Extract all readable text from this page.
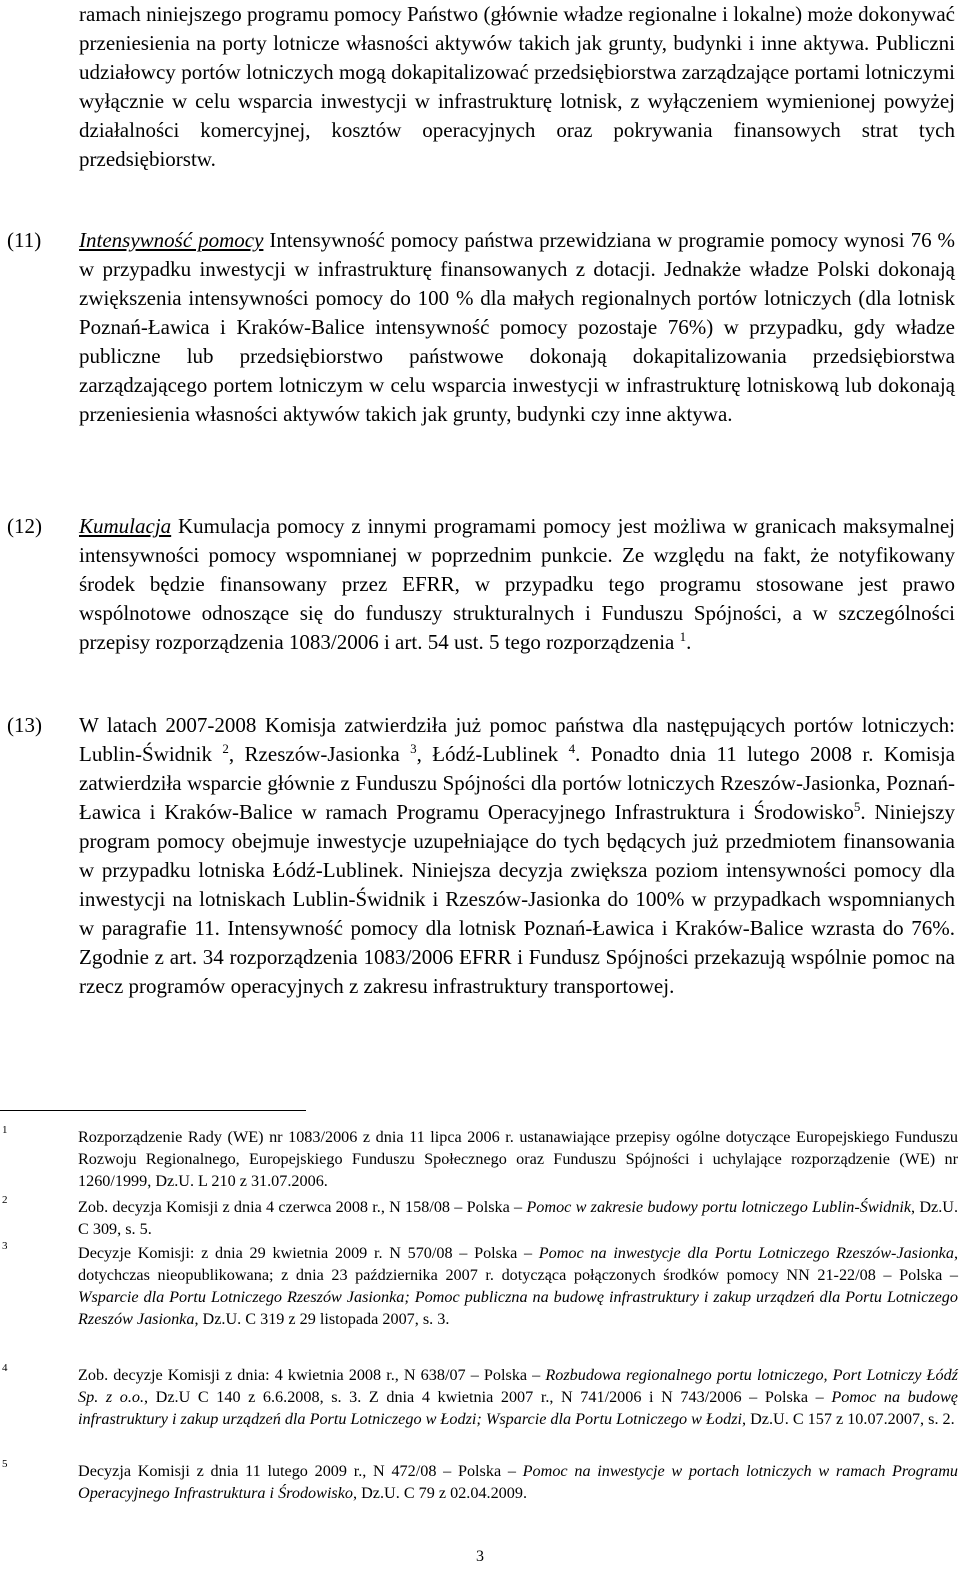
ramach niniejszego programu pomocy Państwo (głównie władze regionalne i lokalne) może dokonywać przeniesienia na porty lotnicze własności aktywów takich jak grunty, budynki i inne aktywa. Publiczni udziałowcy portów lotniczych mogą dokapitalizować przedsiębiorstwa zarządzające portami lotniczymi wyłącznie w celu wsparcia inwestycji w infrastrukturę lotnisk, z wyłączeniem wymienionej powyżej działalności komercyjnej, kosztów operacyjnych oraz pokrywania finansowych strat tych przedsiębiorstw.
(11) Intensywność pomocy Intensywność pomocy państwa przewidziana w programie pomocy wynosi 76 % w przypadku inwestycji w infrastrukturę finansowanych z dotacji. Jednakże władze Polski dokonają zwiększenia intensywności pomocy do 100 % dla małych regionalnych portów lotniczych (dla lotnisk Poznań-Ławica i Kraków-Balice intensywność pomocy pozostaje 76%) w przypadku, gdy władze publiczne lub przedsiębiorstwo państwowe dokonają dokapitalizowania przedsiębiorstwa zarządzającego portem lotniczym w celu wsparcia inwestycji w infrastrukturę lotniskową lub dokonają przeniesienia własności aktywów takich jak grunty, budynki czy inne aktywa.
(12) Kumulacja Kumulacja pomocy z innymi programami pomocy jest możliwa w granicach maksymalnej intensywności pomocy wspomnianej w poprzednim punkcie. Ze względu na fakt, że notyfikowany środek będzie finansowany przez EFRR, w przypadku tego programu stosowane jest prawo wspólnotowe odnoszące się do funduszy strukturalnych i Funduszu Spójności, a w szczególności przepisy rozporządzenia 1083/2006 i art. 54 ust. 5 tego rozporządzenia $^1$.
(13) W latach 2007-2008 Komisja zatwierdziła już pomoc państwa dla następujących portów lotniczych: Lublin-Świdnik $^2$, Rzeszów-Jasionka $^3$, Łódź-Lublinek $^4$. Ponadto dnia 11 lutego 2008 r. Komisja zatwierdziła wsparcie głównie z Funduszu Spójności dla portów lotniczych Rzeszów-Jasionka, Poznań-Ławica i Kraków-Balice w ramach Programu Operacyjnego Infrastruktura i Środowisko$^5$. Niniejszy program pomocy obejmuje inwestycje uzupełniające do tych będących już przedmiotem finansowania w przypadku lotniska Łódź-Lublinek. Niniejsza decyzja zwiększa poziom intensywności pomocy dla inwestycji na lotniskach Lublin-Świdnik i Rzeszów-Jasionka do 100% w przypadkach wspomnianych w paragrafie 11. Intensywność pomocy dla lotnisk Poznań-Ławica i Kraków-Balice wzrasta do 76%. Zgodnie z art. 34 rozporządzenia 1083/2006 EFRR i Fundusz Spójności przekazują wspólnie pomoc na rzecz programów operacyjnych z zakresu infrastruktury transportowej.
1	Rozporządzenie Rady (WE) nr 1083/2006 z dnia 11 lipca 2006 r. ustanawiające przepisy ogólne dotyczące Europejskiego Funduszu Rozwoju Regionalnego, Europejskiego Funduszu Społecznego oraz Funduszu Spójności i uchylające rozporządzenie (WE) nr 1260/1999, Dz.U. L 210 z 31.07.2006.
2	Zob. decyzja Komisji z dnia 4 czerwca 2008 r., N 158/08 – Polska – Pomoc w zakresie budowy portu lotniczego Lublin-Świdnik, Dz.U. C 309, s. 5.
3	Decyzje Komisji: z dnia 29 kwietnia 2009 r. N 570/08 – Polska – Pomoc na inwestycje dla Portu Lotniczego Rzeszów-Jasionka, dotychczas nieopublikowana; z dnia 23 października 2007 r. dotycząca połączonych środków pomocy NN 21-22/08 – Polska – Wsparcie dla Portu Lotniczego Rzeszów Jasionka; Pomoc publiczna na budowę infrastruktury i zakup urządzeń dla Portu Lotniczego Rzeszów Jasionka, Dz.U. C 319 z 29 listopada 2007, s. 3.
4	Zob. decyzje Komisji z dnia: 4 kwietnia 2008 r., N 638/07 – Polska – Rozbudowa regionalnego portu lotniczego, Port Lotniczy Łódź Sp. z o.o., Dz.U C 140 z 6.6.2008, s. 3. Z dnia 4 kwietnia 2007 r., N 741/2006 i N 743/2006 – Polska – Pomoc na budowę infrastruktury i zakup urządzeń dla Portu Lotniczego w Łodzi; Wsparcie dla Portu Lotniczego w Łodzi, Dz.U. C 157 z 10.07.2007, s. 2.
5	Decyzja Komisji z dnia 11 lutego 2009 r., N 472/08 – Polska – Pomoc na inwestycje w portach lotniczych w ramach Programu Operacyjnego Infrastruktura i Środowisko, Dz.U. C 79 z 02.04.2009.
3
